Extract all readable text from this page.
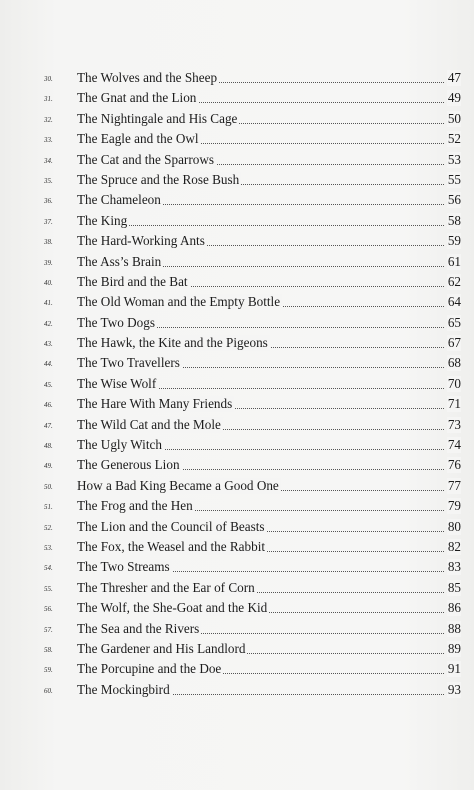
30.	The Wolves and the Sheep	47
31.	The Gnat and the Lion	49
32.	The Nightingale and His Cage	50
33.	The Eagle and the Owl	52
34.	The Cat and the Sparrows	53
35.	The Spruce and the Rose Bush	55
36.	The Chameleon	56
37.	The King	58
38.	The Hard-Working Ants	59
39.	The Ass’s Brain	61
40.	The Bird and the Bat	62
41.	The Old Woman and the Empty Bottle	64
42.	The Two Dogs	65
43.	The Hawk, the Kite and the Pigeons	67
44.	The Two Travellers	68
45.	The Wise Wolf	70
46.	The Hare With Many Friends	71
47.	The Wild Cat and the Mole	73
48.	The Ugly Witch	74
49.	The Generous Lion	76
50.	How a Bad King Became a Good One	77
51.	The Frog and the Hen	79
52.	The Lion and the Council of Beasts	80
53.	The Fox, the Weasel and the Rabbit	82
54.	The Two Streams	83
55.	The Thresher and the Ear of Corn	85
56.	The Wolf, the She-Goat and the Kid	86
57.	The Sea and the Rivers	88
58.	The Gardener and His Landlord	89
59.	The Porcupine and the Doe	91
60.	The Mockingbird	93
